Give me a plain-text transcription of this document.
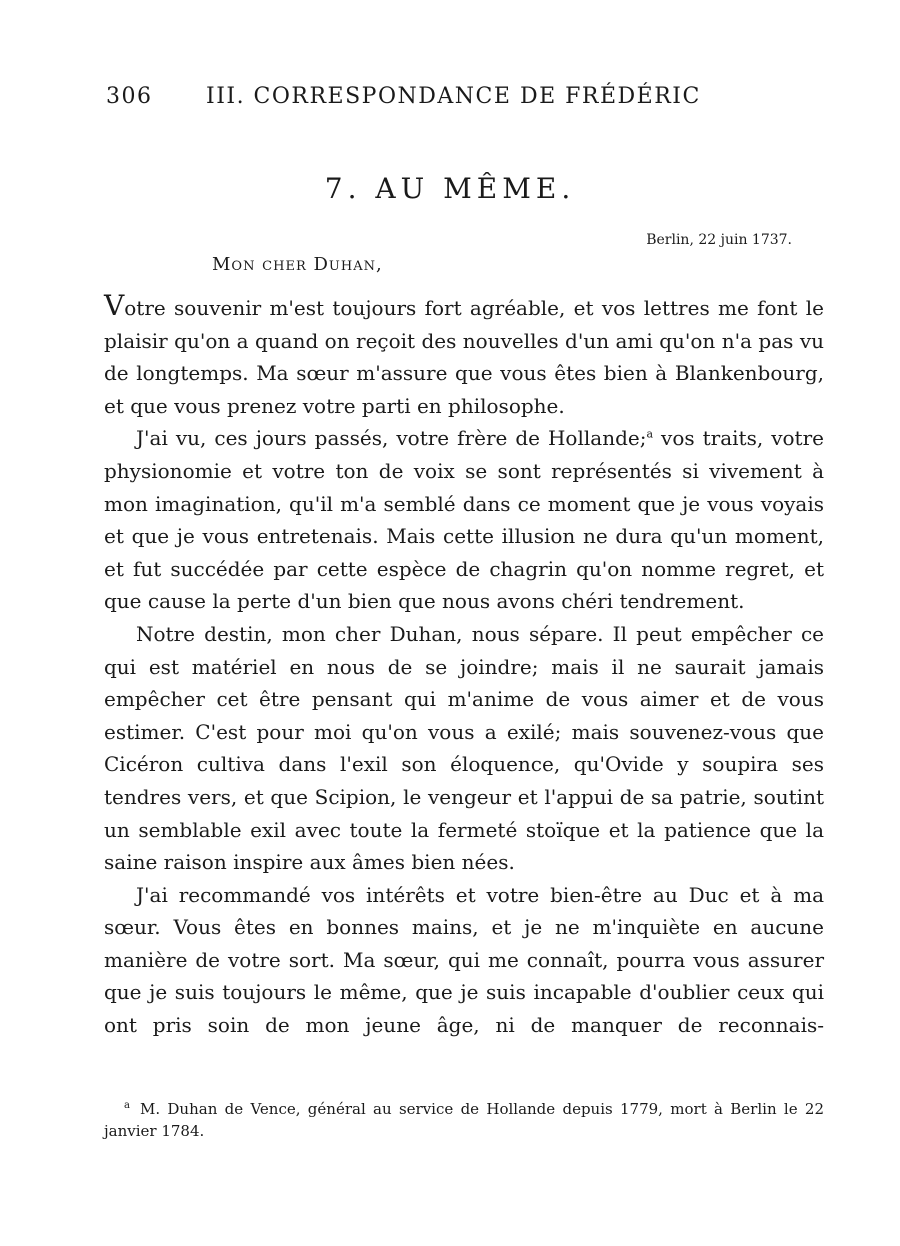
306 III. CORRESPONDANCE DE FRÉDÉRIC
7. AU MÊME.
Berlin, 22 juin 1737.
Mon cher Duhan,

Votre souvenir m'est toujours fort agréable, et vos lettres me font le plaisir qu'on a quand on reçoit des nouvelles d'un ami qu'on n'a pas vu de longtemps. Ma sœur m'assure que vous êtes bien à Blankenbourg, et que vous prenez votre parti en philosophe.

J'ai vu, ces jours passés, votre frère de Hollande;$^a$ vos traits, votre physionomie et votre ton de voix se sont représentés si vivement à mon imagination, qu'il m'a semblé dans ce moment que je vous voyais et que je vous entretenais. Mais cette illusion ne dura qu'un moment, et fut succédée par cette espèce de chagrin qu'on nomme regret, et que cause la perte d'un bien que nous avons chéri tendrement.

Notre destin, mon cher Duhan, nous sépare. Il peut empêcher ce qui est matériel en nous de se joindre; mais il ne saurait jamais empêcher cet être pensant qui m'anime de vous aimer et de vous estimer. C'est pour moi qu'on vous a exilé; mais souvenez-vous que Cicéron cultiva dans l'exil son éloquence, qu'Ovide y soupira ses tendres vers, et que Scipion, le vengeur et l'appui de sa patrie, soutint un semblable exil avec toute la fermeté stoïque et la patience que la saine raison inspire aux âmes bien nées.

J'ai recommandé vos intérêts et votre bien-être au Duc et à ma sœur. Vous êtes en bonnes mains, et je ne m'inquiète en aucune manière de votre sort. Ma sœur, qui me connaît, pourra vous assurer que je suis toujours le même, que je suis incapable d'oublier ceux qui ont pris soin de mon jeune âge, ni de manquer de reconnais-

a M. Duhan de Vence, général au service de Hollande depuis 1779, mort à Berlin le 22 janvier 1784.
